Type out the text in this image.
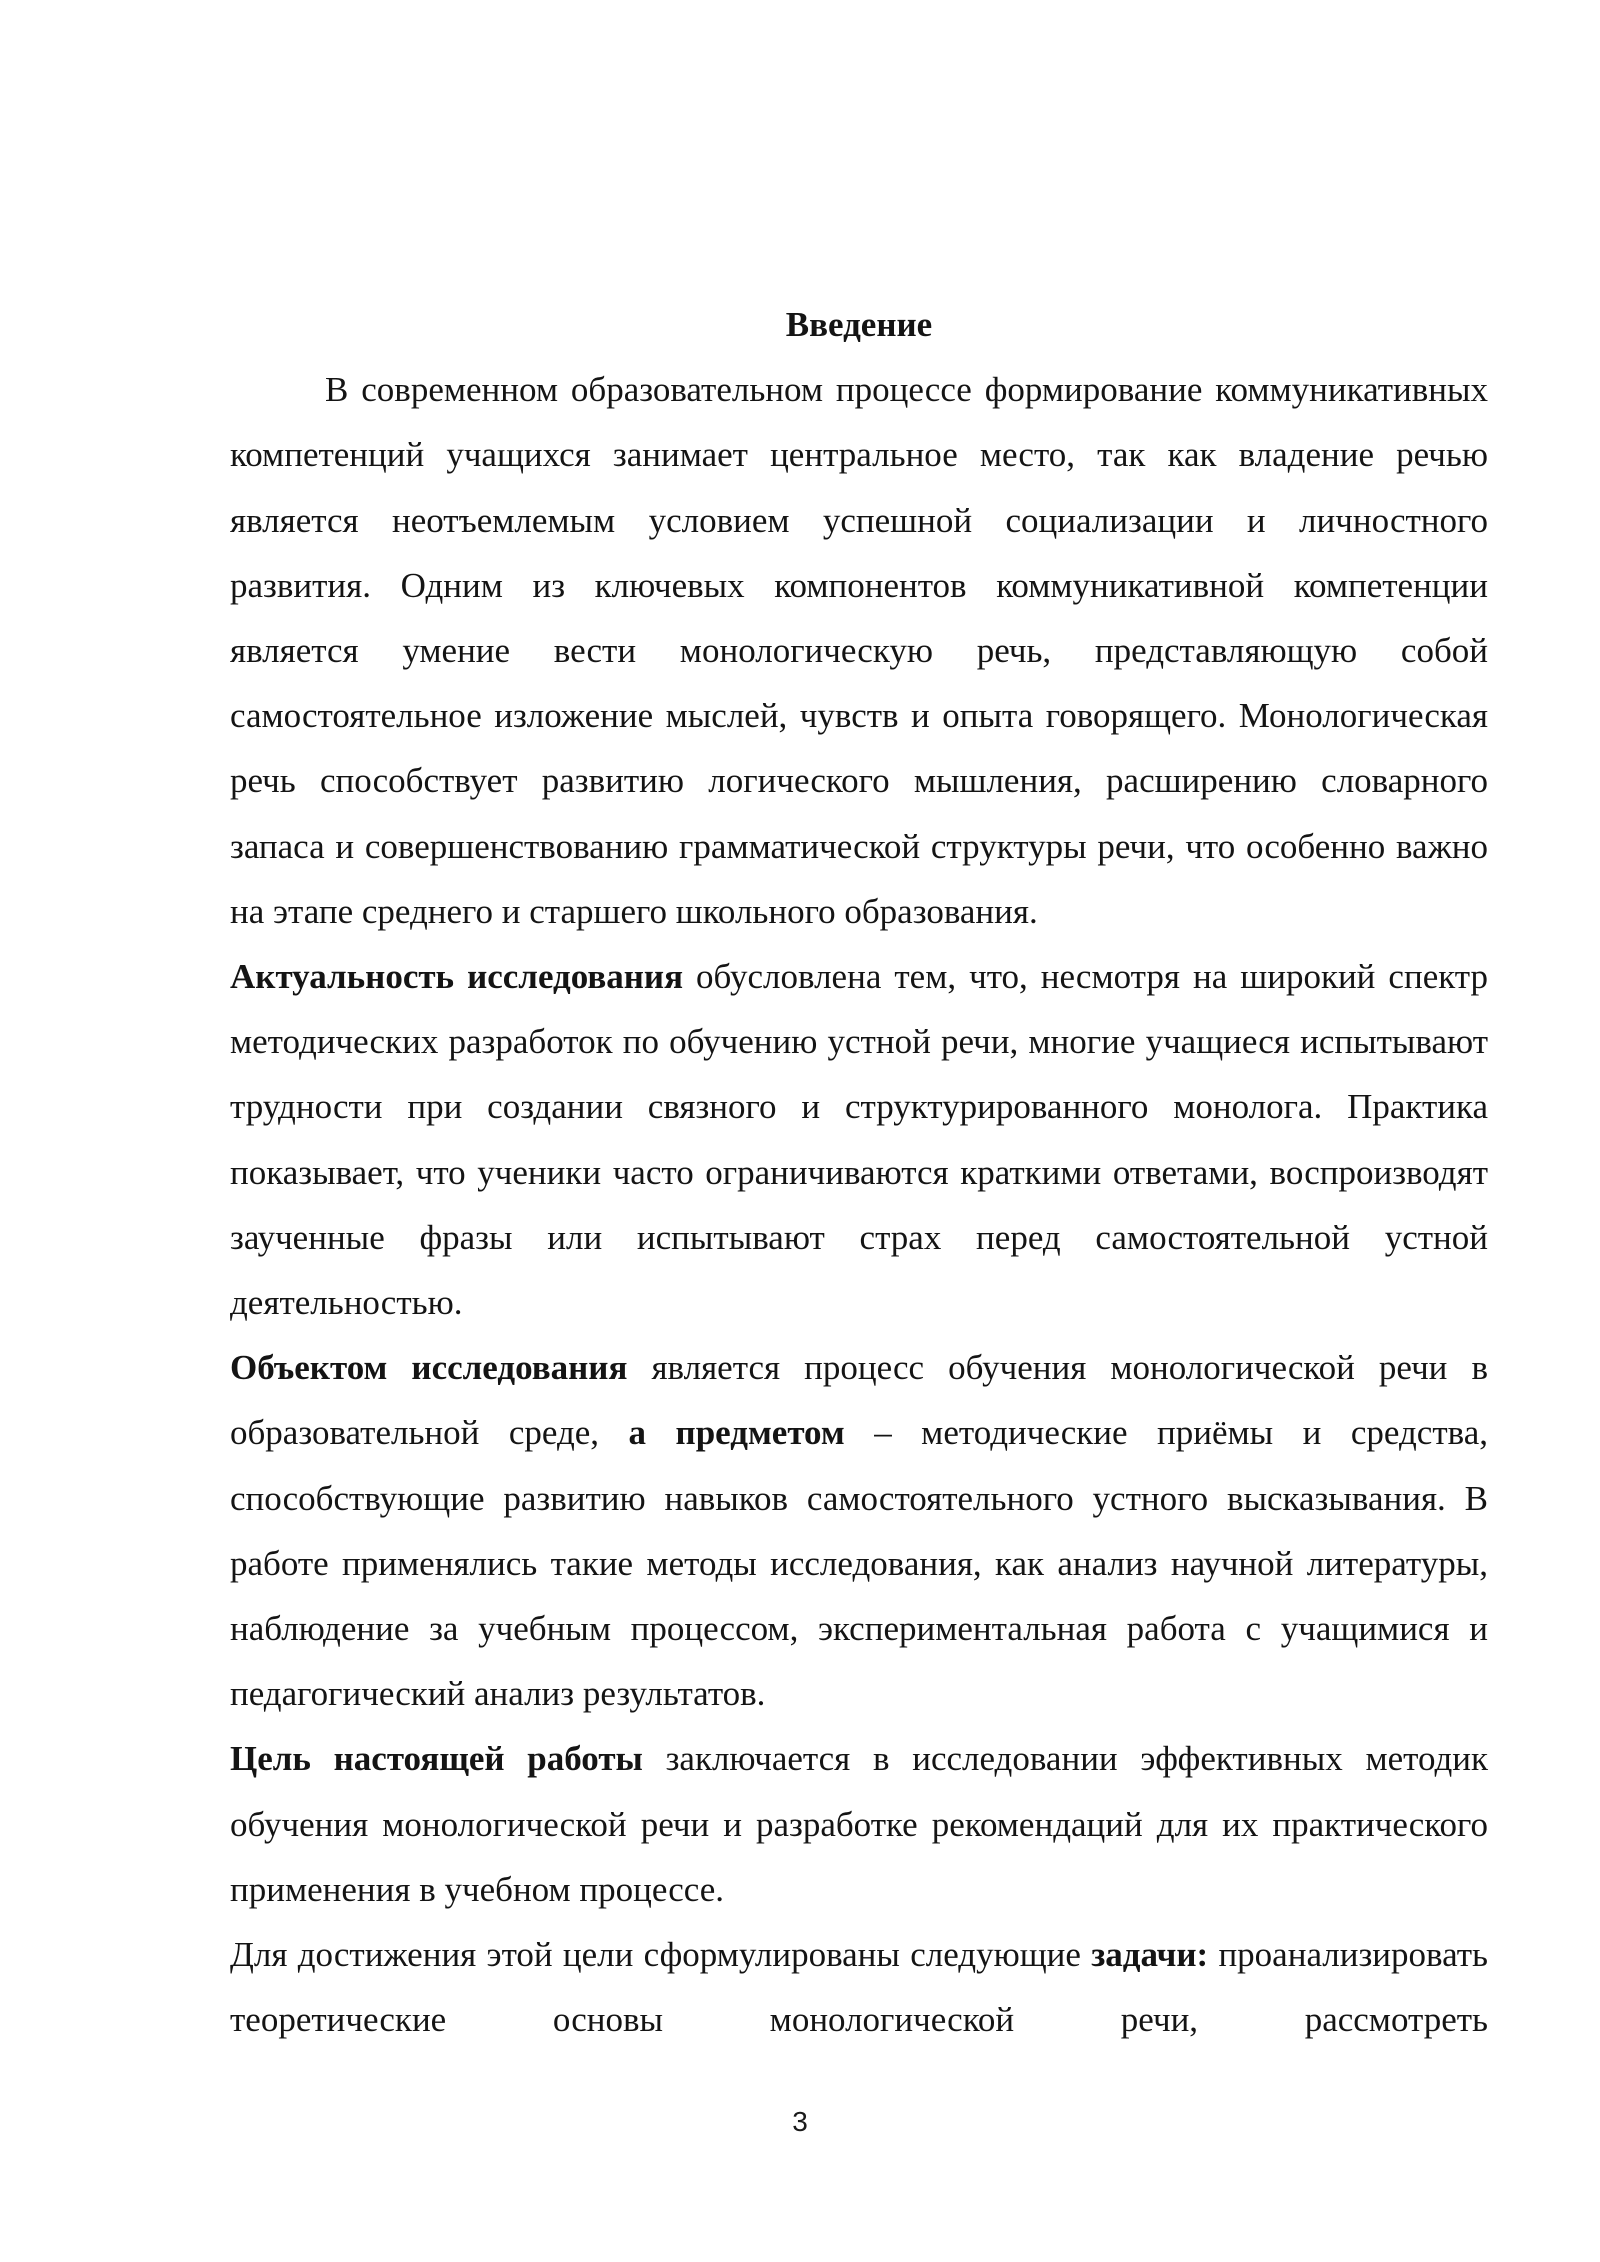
Введение

В современном образовательном процессе формирование коммуникативных компетенций учащихся занимает центральное место, так как владение речью является неотъемлемым условием успешной социализации и личностного развития. Одним из ключевых компонентов коммуникативной компетенции является умение вести монологическую речь, представляющую собой самостоятельное изложение мыслей, чувств и опыта говорящего. Монологическая речь способствует развитию логического мышления, расширению словарного запаса и совершенствованию грамматической структуры речи, что особенно важно на этапе среднего и старшего школьного образования.

Актуальность исследования обусловлена тем, что, несмотря на широкий спектр методических разработок по обучению устной речи, многие учащиеся испытывают трудности при создании связного и структурированного монолога. Практика показывает, что ученики часто ограничиваются краткими ответами, воспроизводят заученные фразы или испытывают страх перед самостоятельной устной деятельностью.

Объектом исследования является процесс обучения монологической речи в образовательной среде, а предметом – методические приёмы и средства, способствующие развитию навыков самостоятельного устного высказывания. В работе применялись такие методы исследования, как анализ научной литературы, наблюдение за учебным процессом, экспериментальная работа с учащимися и педагогический анализ результатов.

Цель настоящей работы заключается в исследовании эффективных методик обучения монологической речи и разработке рекомендаций для их практического применения в учебном процессе.

Для достижения этой цели сформулированы следующие задачи: проанализировать теоретические основы монологической речи, рассмотреть

3
